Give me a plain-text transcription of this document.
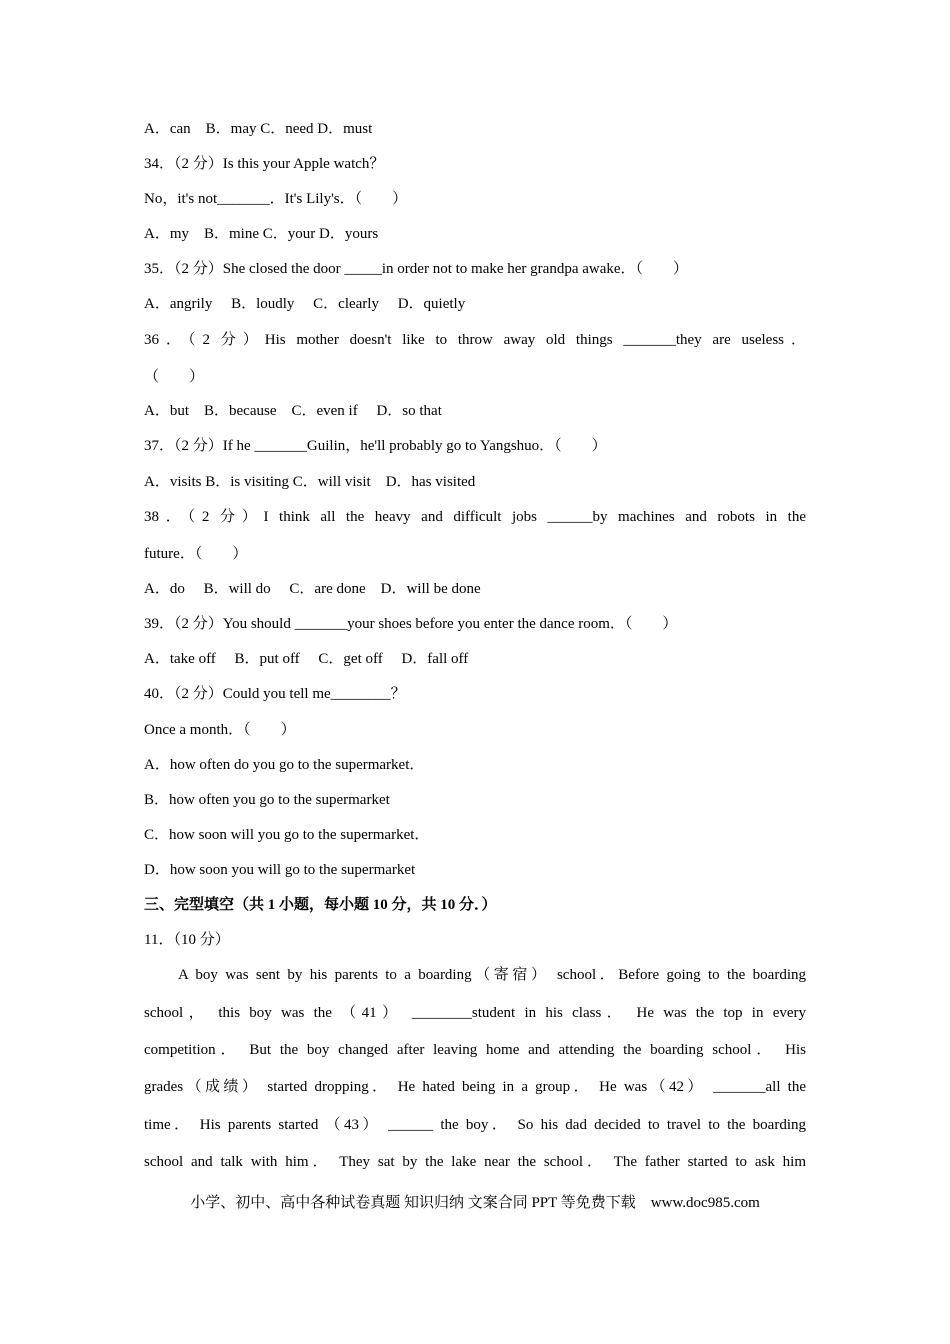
A．can　B．may C．need D．must
34．（2 分）Is this your Apple watch？
No，it's not_______．It's Lily's．（　　）
A．my　B．mine C．your D．yours
35．（2 分）She closed the door _____in order not to make her grandpa awake．（　　）
A．angrily　 B．loudly　 C．clearly　 D．quietly
36．（2 分）His mother doesn't like to throw away old things _______they are useless．
（　　）
A．but　B．because　C．even if　 D．so that
37．（2 分）If he _______Guilin，he'll probably go to Yangshuo．（　　）
A．visits B．is visiting C．will visit　D．has visited
38．（2 分）I think all the heavy and difficult jobs ______by machines and robots in the
future．（　　）
A．do　 B．will do　 C．are done　D．will be done
39．（2 分）You should _______your shoes before you enter the dance room．（　　）
A．take off　 B．put off　 C．get off　 D．fall off
40．（2 分）Could you tell me________？
Once a month．（　　）
A．how often do you go to the supermarket．
B．how often you go to the supermarket
C．how soon will you go to the supermarket．
D．how soon you will go to the supermarket
三、完型填空（共 1 小题，每小题 10 分，共 10 分．）
11．（10 分）
A boy was sent by his parents to a boarding（寄宿） school．Before going to the boarding
school， this boy was the （41） ________student in his class． He was the top in every
competition． But the boy changed after leaving home and attending the boarding school． His
grades（成绩） started dropping． He hated being in a group． He was（42） _______all the
time． His parents started （43） ______ the boy． So his dad decided to travel to the boarding
school and talk with him． They sat by the lake near the school． The father started to ask him
小学、初中、高中各种试卷真题 知识归纳 文案合同 PPT 等免费下载　www.doc985.com
